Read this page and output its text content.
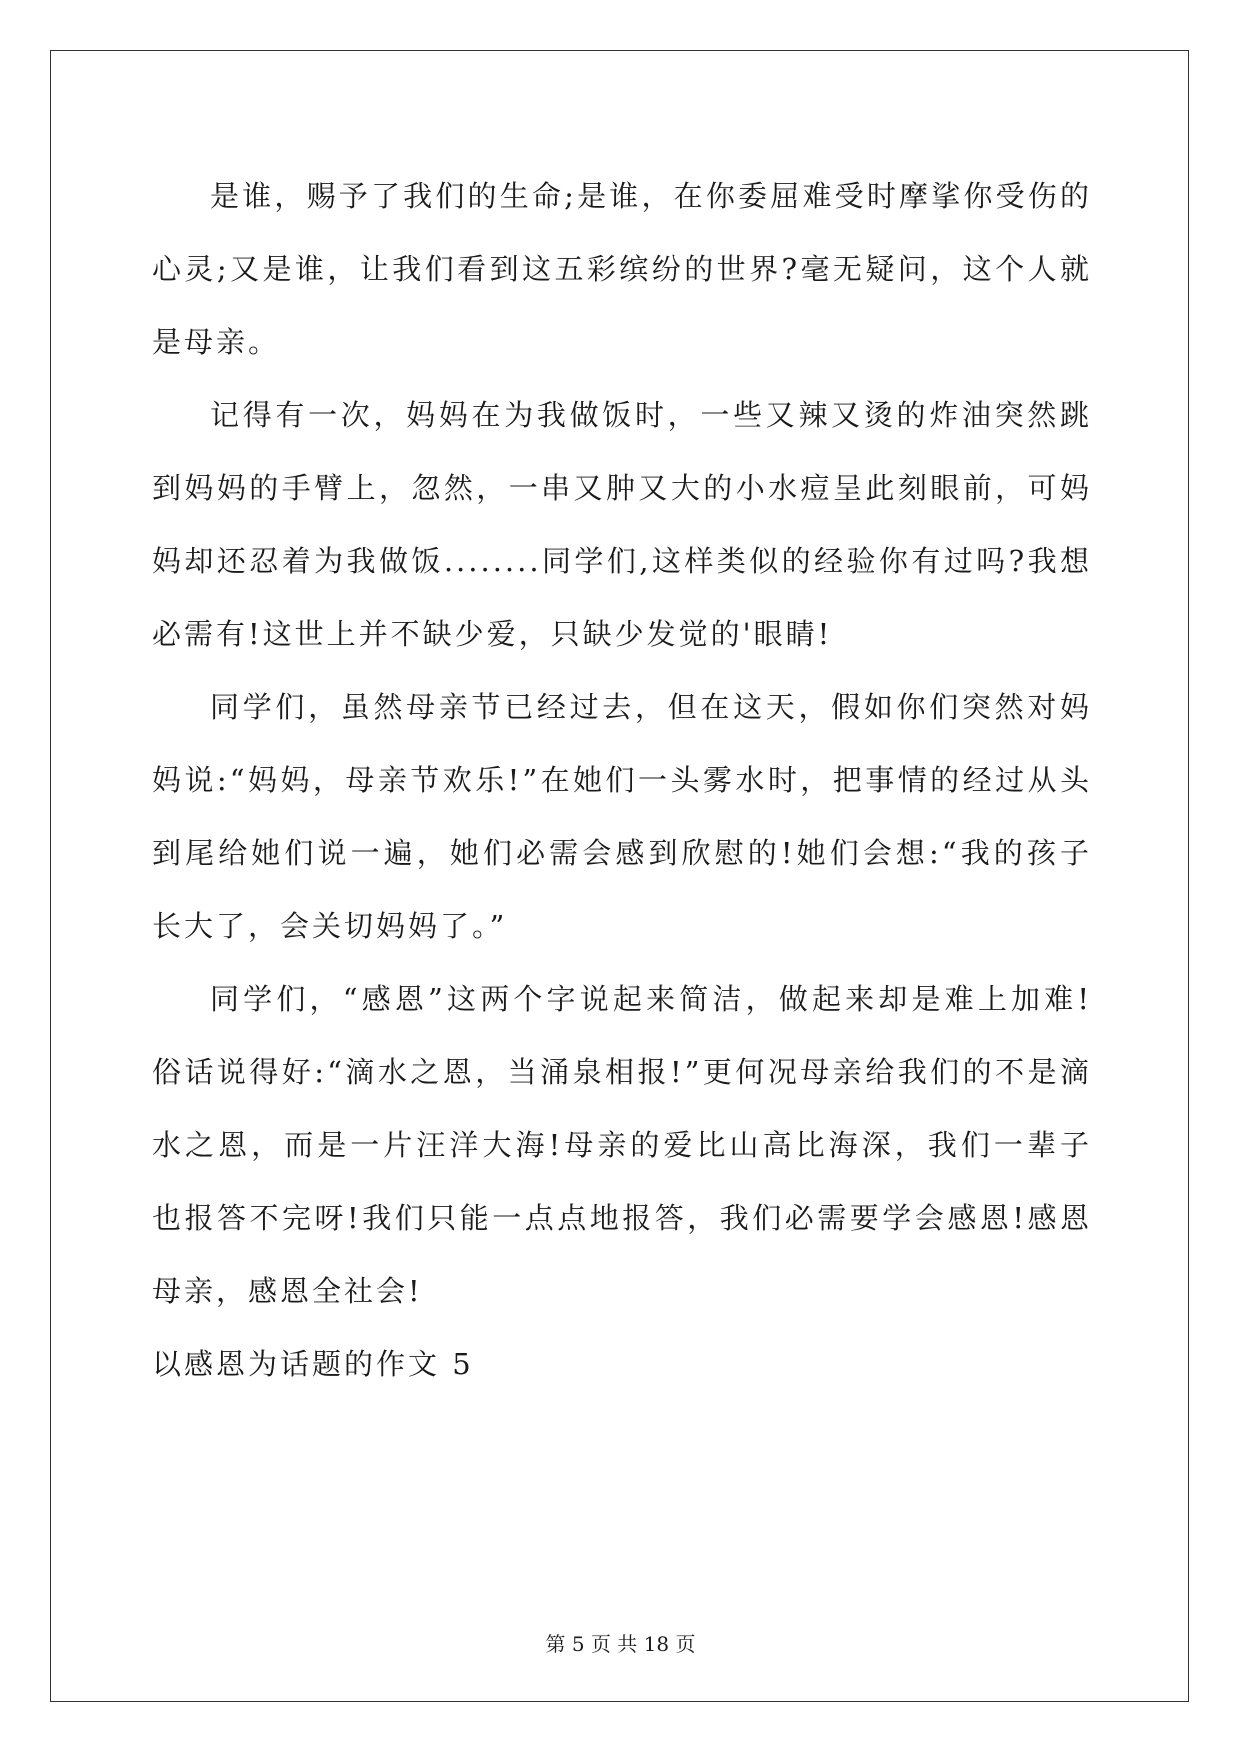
是谁，赐予了我们的生命;是谁，在你委屈难受时摩挲你受伤的心灵;又是谁，让我们看到这五彩缤纷的世界?毫无疑问，这个人就是母亲。

记得有一次，妈妈在为我做饭时，一些又辣又烫的炸油突然跳到妈妈的手臂上，忽然，一串又肿又大的小水痘呈此刻眼前，可妈妈却还忍着为我做饭........同学们,这样类似的经验你有过吗?我想必需有!这世上并不缺少爱，只缺少发觉的'眼睛!

同学们，虽然母亲节已经过去，但在这天，假如你们突然对妈妈说:“妈妈，母亲节欢乐!”在她们一头雾水时，把事情的经过从头到尾给她们说一遍，她们必需会感到欣慰的!她们会想:“我的孩子长大了，会关切妈妈了。”

同学们，“感恩”这两个字说起来简洁，做起来却是难上加难!俗话说得好:“滴水之恩，当涌泉相报!”更何况母亲给我们的不是滴水之恩，而是一片汪洋大海!母亲的爱比山高比海深，我们一辈子也报答不完呀!我们只能一点点地报答，我们必需要学会感恩!感恩母亲，感恩全社会!

以感恩为话题的作文 5

第 5 页 共 18 页
